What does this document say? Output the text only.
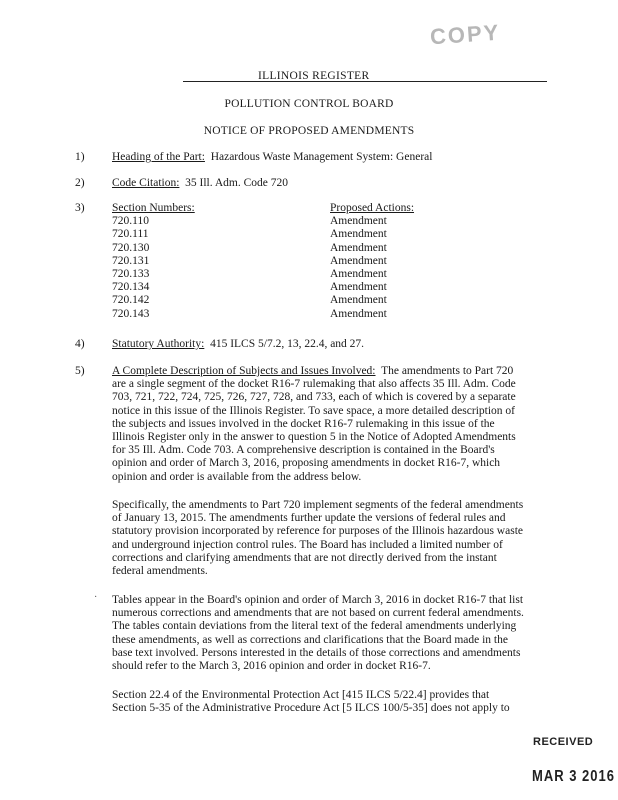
COPY
ILLINOIS REGISTER
POLLUTION CONTROL BOARD
NOTICE OF PROPOSED AMENDMENTS
1) Heading of the Part: Hazardous Waste Management System: General
2) Code Citation: 35 Ill. Adm. Code 720
3) Section Numbers:
720.110
720.111
720.130
720.131
720.133
720.134
720.142
720.143
Proposed Actions:
Amendment
Amendment
Amendment
Amendment
Amendment
Amendment
Amendment
Amendment
4) Statutory Authority: 415 ILCS 5/7.2, 13, 22.4, and 27.
5) A Complete Description of Subjects and Issues Involved: The amendments to Part 720
are a single segment of the docket R16-7 rulemaking that also affects 35 Ill. Adm. Code
703, 721, 722, 724, 725, 726, 727, 728, and 733, each of which is covered by a separate
notice in this issue of the Illinois Register. To save space, a more detailed description of
the subjects and issues involved in the docket R16-7 rulemaking in this issue of the
Illinois Register only in the answer to question 5 in the Notice of Adopted Amendments
for 35 Ill. Adm. Code 703. A comprehensive description is contained in the Board's
opinion and order of March 3, 2016, proposing amendments in docket R16-7, which
opinion and order is available from the address below.
Specifically, the amendments to Part 720 implement segments of the federal amendments
of January 13, 2015. The amendments further update the versions of federal rules and
statutory provision incorporated by reference for purposes of the Illinois hazardous waste
and underground injection control rules. The Board has included a limited number of
corrections and clarifying amendments that are not directly derived from the instant
federal amendments.
· Tables appear in the Board's opinion and order of March 3, 2016 in docket R16-7 that list
numerous corrections and amendments that are not based on current federal amendments.
The tables contain deviations from the literal text of the federal amendments underlying
these amendments, as well as corrections and clarifications that the Board made in the
base text involved. Persons interested in the details of those corrections and amendments
should refer to the March 3, 2016 opinion and order in docket R16-7.
Section 22.4 of the Environmental Protection Act [415 ILCS 5/22.4] provides that
Section 5-35 of the Administrative Procedure Act [5 ILCS 100/5-35] does not apply to
RECEIVED
MAR 3 2016
